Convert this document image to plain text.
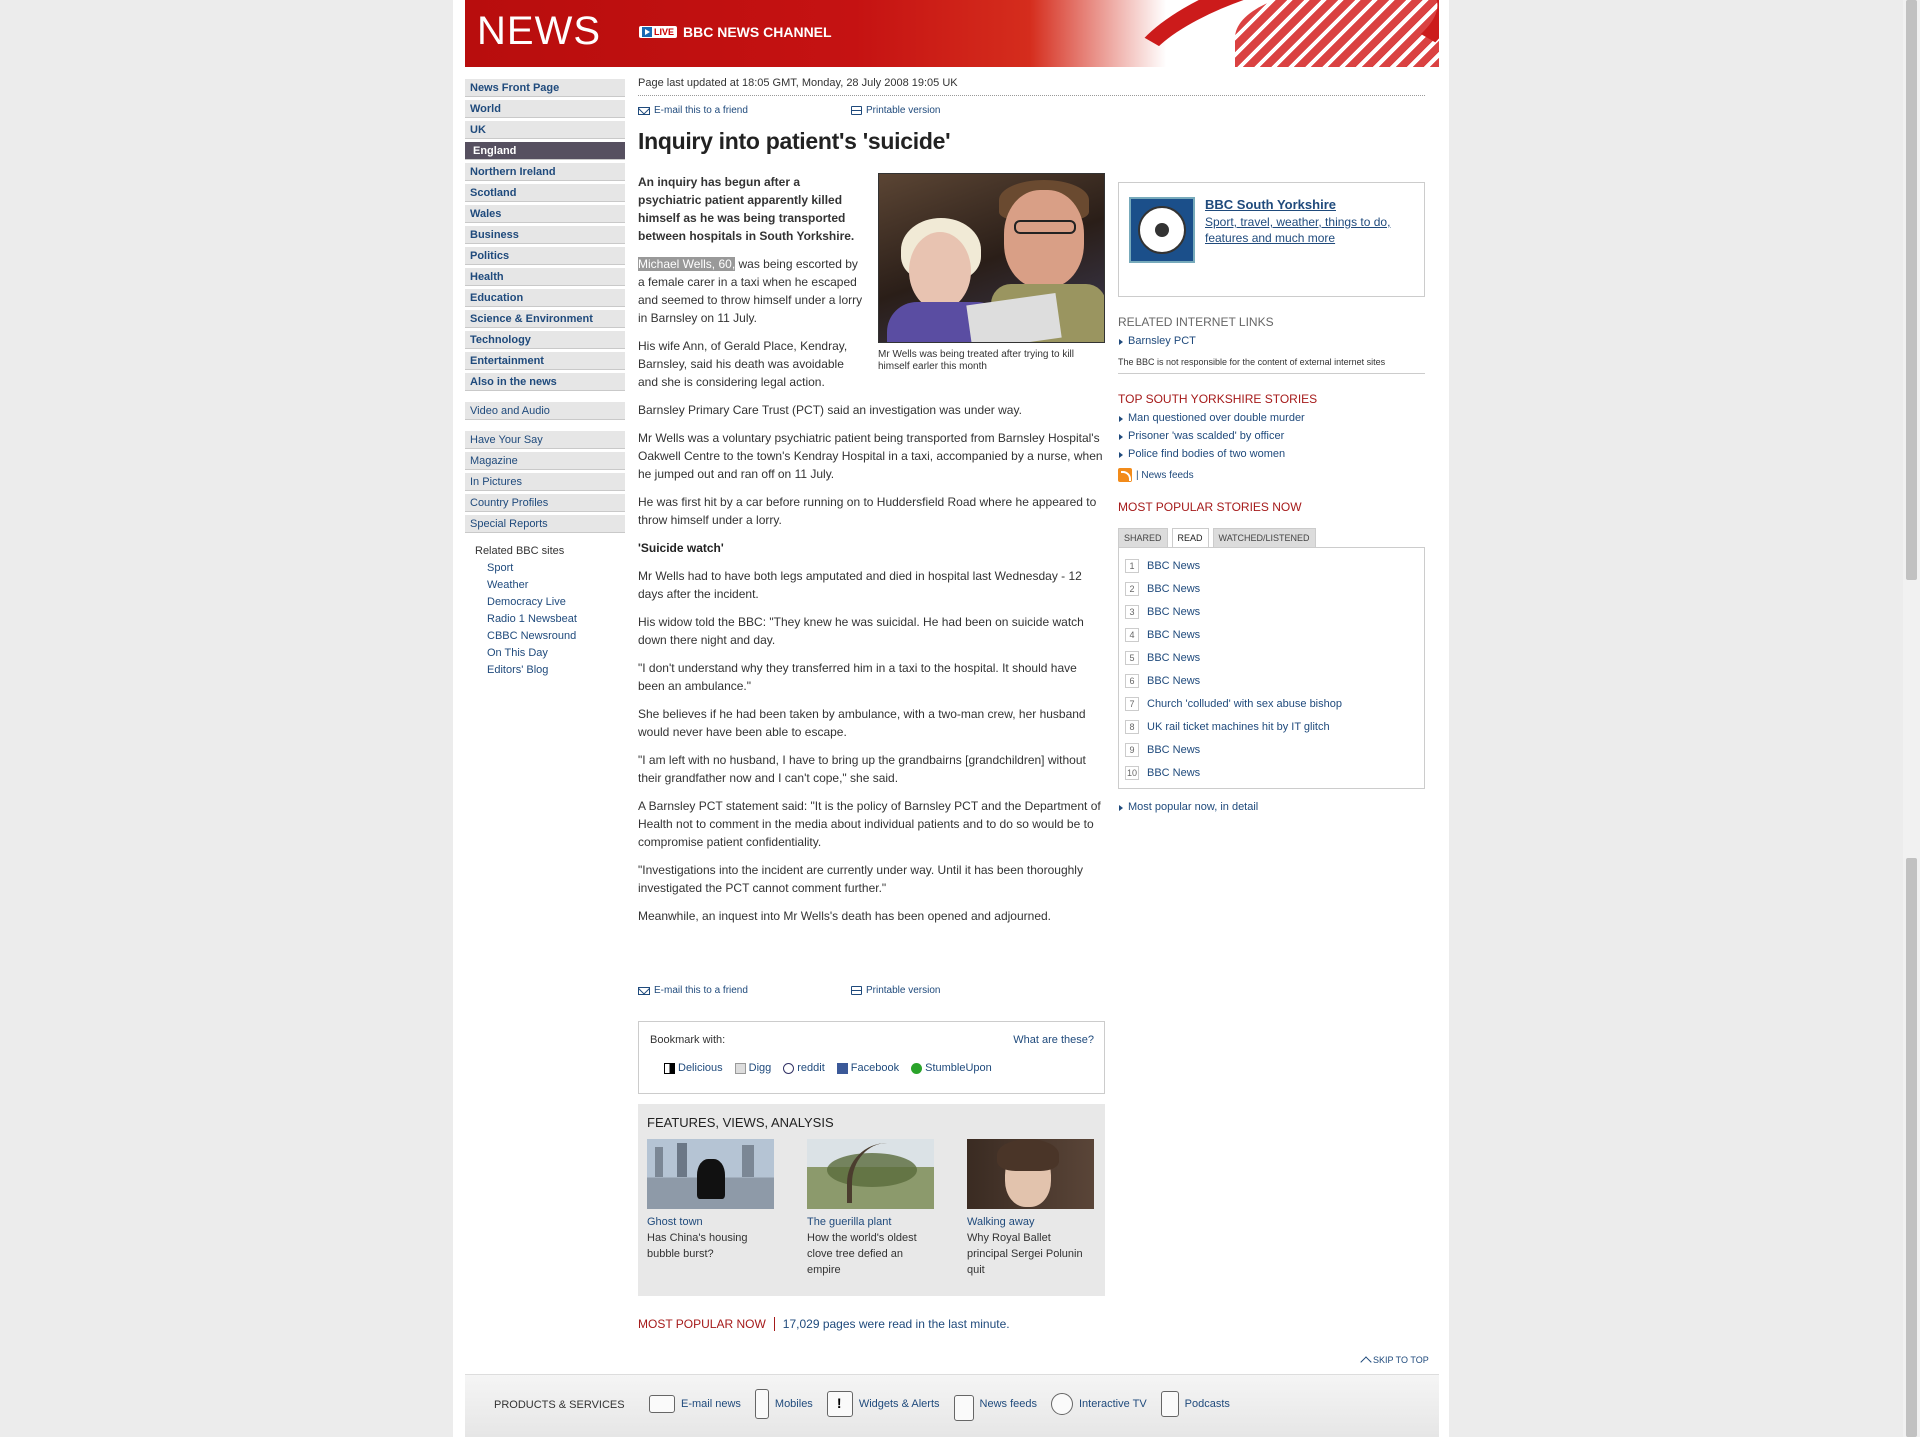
NEWS	LIVE BBC NEWS CHANNEL
News Front Page
World
UK
England
Northern Ireland
Scotland
Wales
Business
Politics
Health
Education
Science & Environment
Technology
Entertainment
Also in the news
Video and Audio
Have Your Say
Magazine
In Pictures
Country Profiles
Special Reports
Related BBC sites
Sport
Weather
Democracy Live
Radio 1 Newsbeat
CBBC Newsround
On This Day
Editors' Blog
Page last updated at 18:05 GMT, Monday, 28 July 2008 19:05 UK
E-mail this to a friend	Printable version
Inquiry into patient's 'suicide'

An inquiry has begun after a psychiatric patient apparently killed himself as he was being transported between hospitals in South Yorkshire.

Michael Wells, 60, was being escorted by a female carer in a taxi when he escaped and seemed to throw himself under a lorry in Barnsley on 11 July.

His wife Ann, of Gerald Place, Kendray, Barnsley, said his death was avoidable and she is considering legal action.

Barnsley Primary Care Trust (PCT) said an investigation was under way.

Mr Wells was a voluntary psychiatric patient being transported from Barnsley Hospital's Oakwell Centre to the town's Kendray Hospital in a taxi, accompanied by a nurse, when he jumped out and ran off on 11 July.

He was first hit by a car before running on to Huddersfield Road where he appeared to throw himself under a lorry.

'Suicide watch'

Mr Wells had to have both legs amputated and died in hospital last Wednesday - 12 days after the incident.

His widow told the BBC: "They knew he was suicidal. He had been on suicide watch down there night and day.

"I don't understand why they transferred him in a taxi to the hospital. It should have been an ambulance."

She believes if he had been taken by ambulance, with a two-man crew, her husband would never have been able to escape.

"I am left with no husband, I have to bring up the grandbairns [grandchildren] without their grandfather now and I can't cope," she said.

A Barnsley PCT statement said: "It is the policy of Barnsley PCT and the Department of Health not to comment in the media about individual patients and to do so would be to compromise patient confidentiality.

"Investigations into the incident are currently under way. Until it has been thoroughly investigated the PCT cannot comment further."

Meanwhile, an inquest into Mr Wells's death has been opened and adjourned.

Mr Wells was being treated after trying to kill himself earler this month
BBC South Yorkshire
Sport, travel, weather, things to do, features and much more
RELATED INTERNET LINKS
Barnsley PCT
The BBC is not responsible for the content of external internet sites
TOP SOUTH YORKSHIRE STORIES
Man questioned over double murder
Prisoner 'was scalded' by officer
Police find bodies of two women
| News feeds
MOST POPULAR STORIES NOW
SHARED	READ	WATCHED/LISTENED
1	BBC News
2	BBC News
3	BBC News
4	BBC News
5	BBC News
6	BBC News
7	Church 'colluded' with sex abuse bishop
8	UK rail ticket machines hit by IT glitch
9	BBC News
10 BBC News
Most popular now, in detail
E-mail this to a friend	Printable version
Bookmark with:	What are these?
Delicious Digg reddit Facebook StumbleUpon
FEATURES, VIEWS, ANALYSIS
Ghost town
Has China's housing bubble burst?
The guerilla plant
How the world's oldest clove tree defied an empire
Walking away
Why Royal Ballet principal Sergei Polunin quit
MOST POPULAR NOW 17,029 pages were read in the last minute.
SKIP TO TOP
PRODUCTS & SERVICES	E-mail news	Mobiles
!	Widgets & Alerts	News feeds	Interactive TV	Podcasts
